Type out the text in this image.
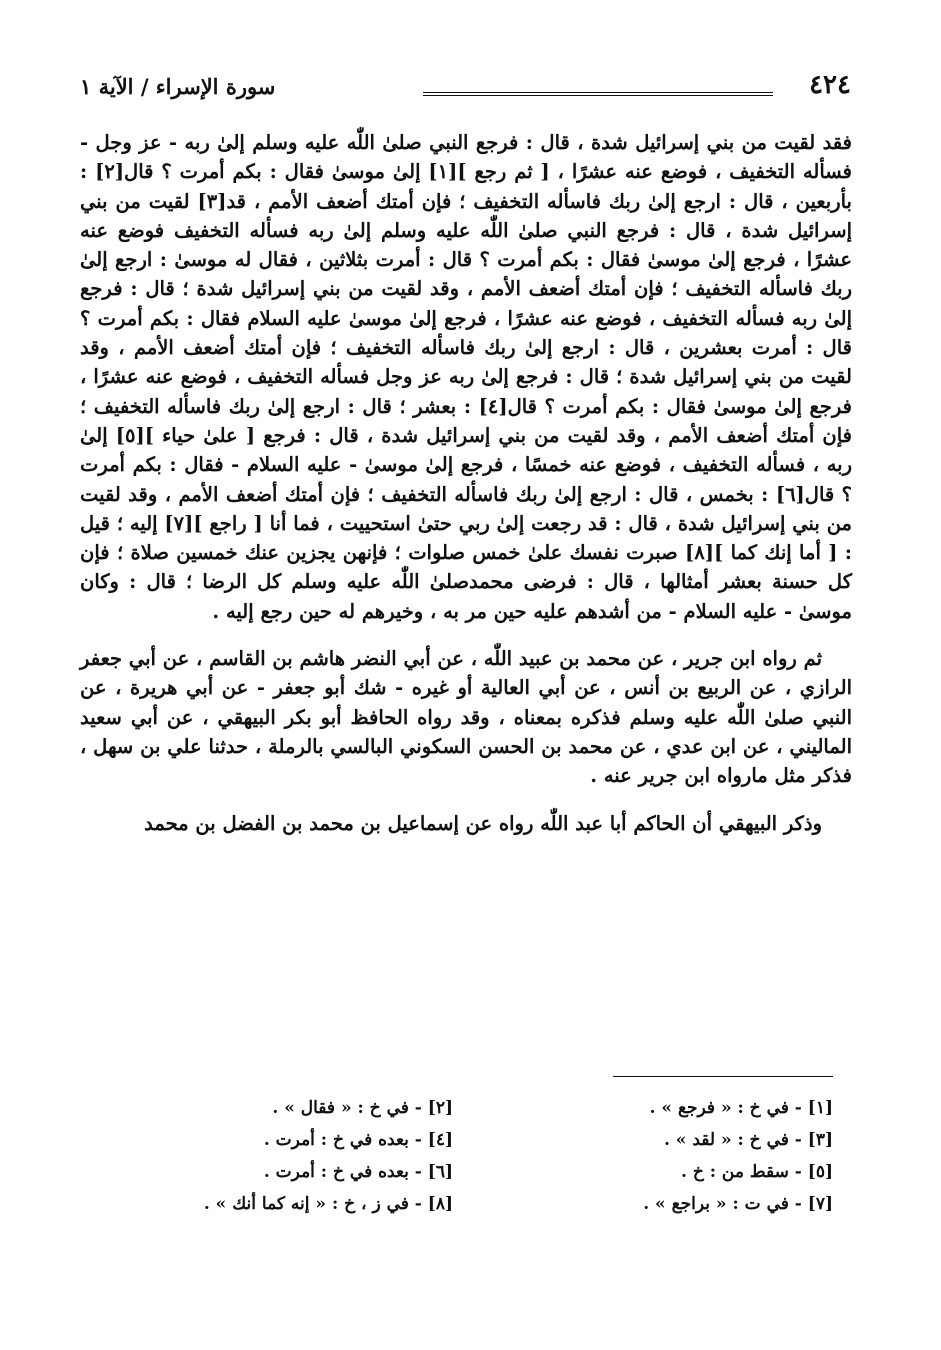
٤٢٤
سورة الإسراء / الآية ١

فقد لقيت من بني إسرائيل شدة ، قال : فرجع النبي صلىٰ اللّٰه عليه وسلم إلىٰ ربه - عز وجل - فسأله التخفيف ، فوضع عنه عشرًا ، [ ثم رجع ][١] إلىٰ موسىٰ فقال : بكم أمرت ؟ قال[٢] : بأربعين ، قال : ارجع إلىٰ ربك فاسأله التخفيف ؛ فإن أمتك أضعف الأمم ، قد[٣] لقيت من بني إسرائيل شدة ، قال : فرجع النبي صلىٰ اللّٰه عليه وسلم إلىٰ ربه فسأله التخفيف فوضع عنه عشرًا ، فرجع إلىٰ موسىٰ فقال : بكم أمرت ؟ قال : أمرت بثلاثين ، فقال له موسىٰ : ارجع إلىٰ ربك فاسأله التخفيف ؛ فإن أمتك أضعف الأمم ، وقد لقيت من بني إسرائيل شدة ؛ قال : فرجع إلىٰ ربه فسأله التخفيف ، فوضع عنه عشرًا ، فرجع إلىٰ موسىٰ عليه السلام فقال : بكم أمرت ؟ قال : أمرت بعشرين ، قال : ارجع إلىٰ ربك فاسأله التخفيف ؛ فإن أمتك أضعف الأمم ، وقد لقيت من بني إسرائيل شدة ؛ قال : فرجع إلىٰ ربه عز وجل فسأله التخفيف ، فوضع عنه عشرًا ، فرجع إلىٰ موسىٰ فقال : بكم أمرت ؟ قال[٤] : بعشر ؛ قال : ارجع إلىٰ ربك فاسأله التخفيف ؛ فإن أمتك أضعف الأمم ، وقد لقيت من بني إسرائيل شدة ، قال : فرجع [ علىٰ حياء ][٥] إلىٰ ربه ، فسأله التخفيف ، فوضع عنه خمسًا ، فرجع إلىٰ موسىٰ - عليه السلام - فقال : بكم أمرت ؟ قال[٦] : بخمس ، قال : ارجع إلىٰ ربك فاسأله التخفيف ؛ فإن أمتك أضعف الأمم ، وقد لقيت من بني إسرائيل شدة ، قال : قد رجعت إلىٰ ربي حتىٰ استحييت ، فما أنا [ راجع ][٧] إليه ؛ قيل : [ أما إنك كما ][٨] صبرت نفسك علىٰ خمس صلوات ؛ فإنهن يجزين عنك خمسين صلاة ؛ فإن كل حسنة بعشر أمثالها ، قال : فرضى محمدصلىٰ اللّٰه عليه وسلم كل الرضا ؛ قال : وكان موسىٰ - عليه السلام - من أشدهم عليه حين مر به ، وخيرهم له حين رجع إليه .

ثم رواه ابن جرير ، عن محمد بن عبيد اللّٰه ، عن أبي النضر هاشم بن القاسم ، عن أبي جعفر الرازي ، عن الربيع بن أنس ، عن أبي العالية أو غيره - شك أبو جعفر - عن أبي هريرة ، عن النبي صلىٰ اللّٰه عليه وسلم فذكره بمعناه ، وقد رواه الحافظ أبو بكر البيهقي ، عن أبي سعيد الماليني ، عن ابن عدي ، عن محمد بن الحسن السكوني البالسي بالرملة ، حدثنا علي بن سهل ، فذكر مثل مارواه ابن جرير عنه .

وذكر البيهقي أن الحاكم أبا عبد اللّٰه رواه عن إسماعيل بن محمد بن الفضل بن محمد

[١] - في خ : « فرجع » .
[٢] - في خ : « فقال » .
[٣] - في خ : « لقد » .
[٤] - بعده في خ : أمرت .
[٥] - سقط من : خ .
[٦] - بعده في خ : أمرت .
[٧] - في ت : « براجع » .
[٨] - في ز ، خ : « إنه كما أنك » .
